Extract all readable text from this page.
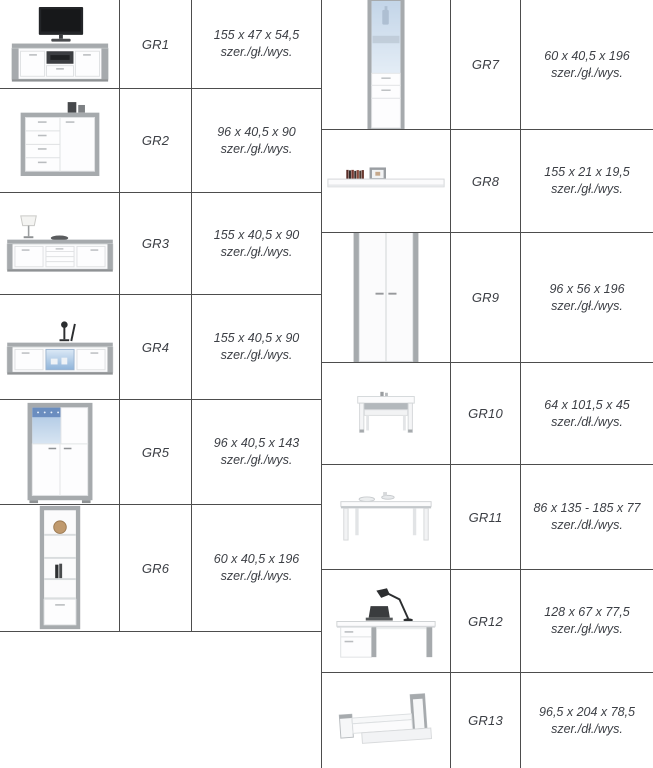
GR1
155 x 47 x 54,5
szer./gł./wys.
GR2
96 x 40,5 x 90
szer./gł./wys.
GR3
155 x 40,5 x 90
szer./gł./wys.
GR4
155 x 40,5 x 90
szer./gł./wys.
GR5
96 x 40,5 x 143
szer./gł./wys.
GR6
60 x 40,5 x 196
szer./gł./wys.
GR7
60 x 40,5 x 196
szer./gł./wys.
GR8
155 x 21 x 19,5
szer./gł./wys.
GR9
96 x 56 x 196
szer./gł./wys.
GR10
64 x 101,5 x 45
szer./dł./wys.
GR11
86 x 135 - 185 x 77
szer./dł./wys.
GR12
128 x 67 x 77,5
szer./gł./wys.
GR13
96,5 x 204 x 78,5
szer./dł./wys.
